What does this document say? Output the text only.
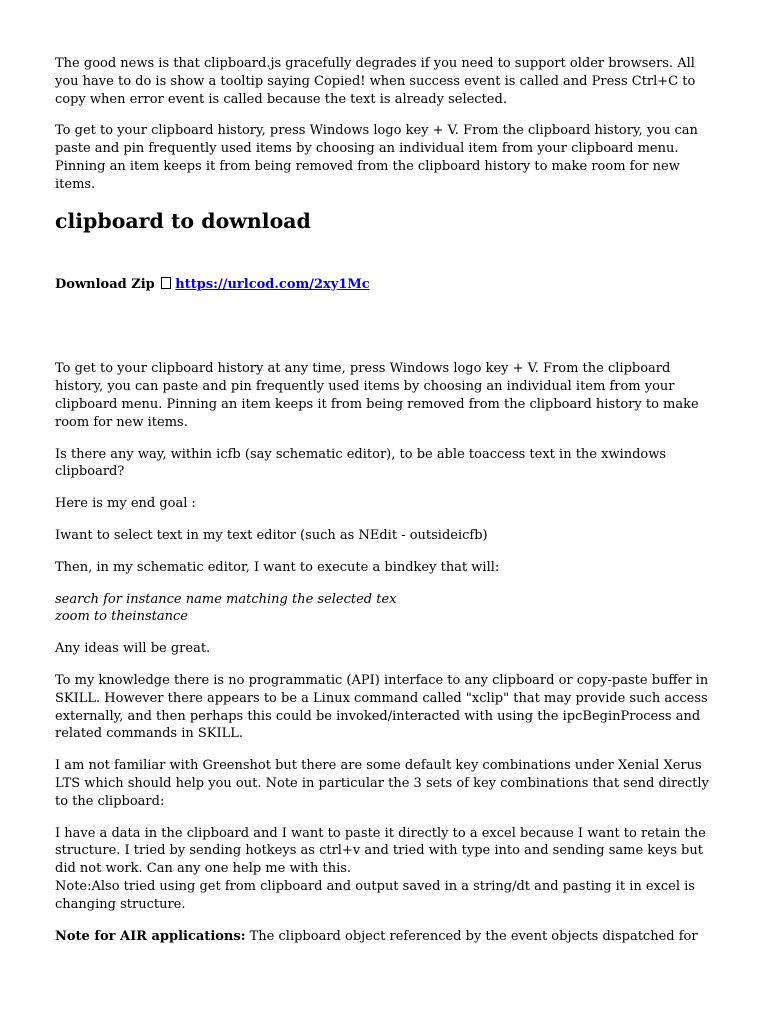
The good news is that clipboard.js gracefully degrades if you need to support older browsers. All you have to do is show a tooltip saying Copied! when success event is called and Press Ctrl+C to copy when error event is called because the text is already selected.

To get to your clipboard history, press Windows logo key + V. From the clipboard history, you can paste and pin frequently used items by choosing an individual item from your clipboard menu. Pinning an item keeps it from being removed from the clipboard history to make room for new items.

clipboard to download
Download Zip https://urlcod.com/2xy1Mc

To get to your clipboard history at any time, press Windows logo key + V. From the clipboard history, you can paste and pin frequently used items by choosing an individual item from your clipboard menu. Pinning an item keeps it from being removed from the clipboard history to make room for new items.

Is there any way, within icfb (say schematic editor), to be able toaccess text in the xwindows clipboard?

Here is my end goal :

Iwant to select text in my text editor (such as NEdit - outsideicfb)

Then, in my schematic editor, I want to execute a bindkey that will:

search for instance name matching the selected tex
zoom to theinstance

Any ideas will be great.

To my knowledge there is no programmatic (API) interface to any clipboard or copy-paste buffer in SKILL. However there appears to be a Linux command called "xclip" that may provide such access externally, and then perhaps this could be invoked/interacted with using the ipcBeginProcess and related commands in SKILL.

I am not familiar with Greenshot but there are some default key combinations under Xenial Xerus LTS which should help you out. Note in particular the 3 sets of key combinations that send directly to the clipboard:

I have a data in the clipboard and I want to paste it directly to a excel because I want to retain the structure. I tried by sending hotkeys as ctrl+v and tried with type into and sending same keys but did not work. Can any one help me with this.
Note:Also tried using get from clipboard and output saved in a string/dt and pasting it in excel is changing structure.

Note for AIR applications: The clipboard object referenced by the event objects dispatched for
